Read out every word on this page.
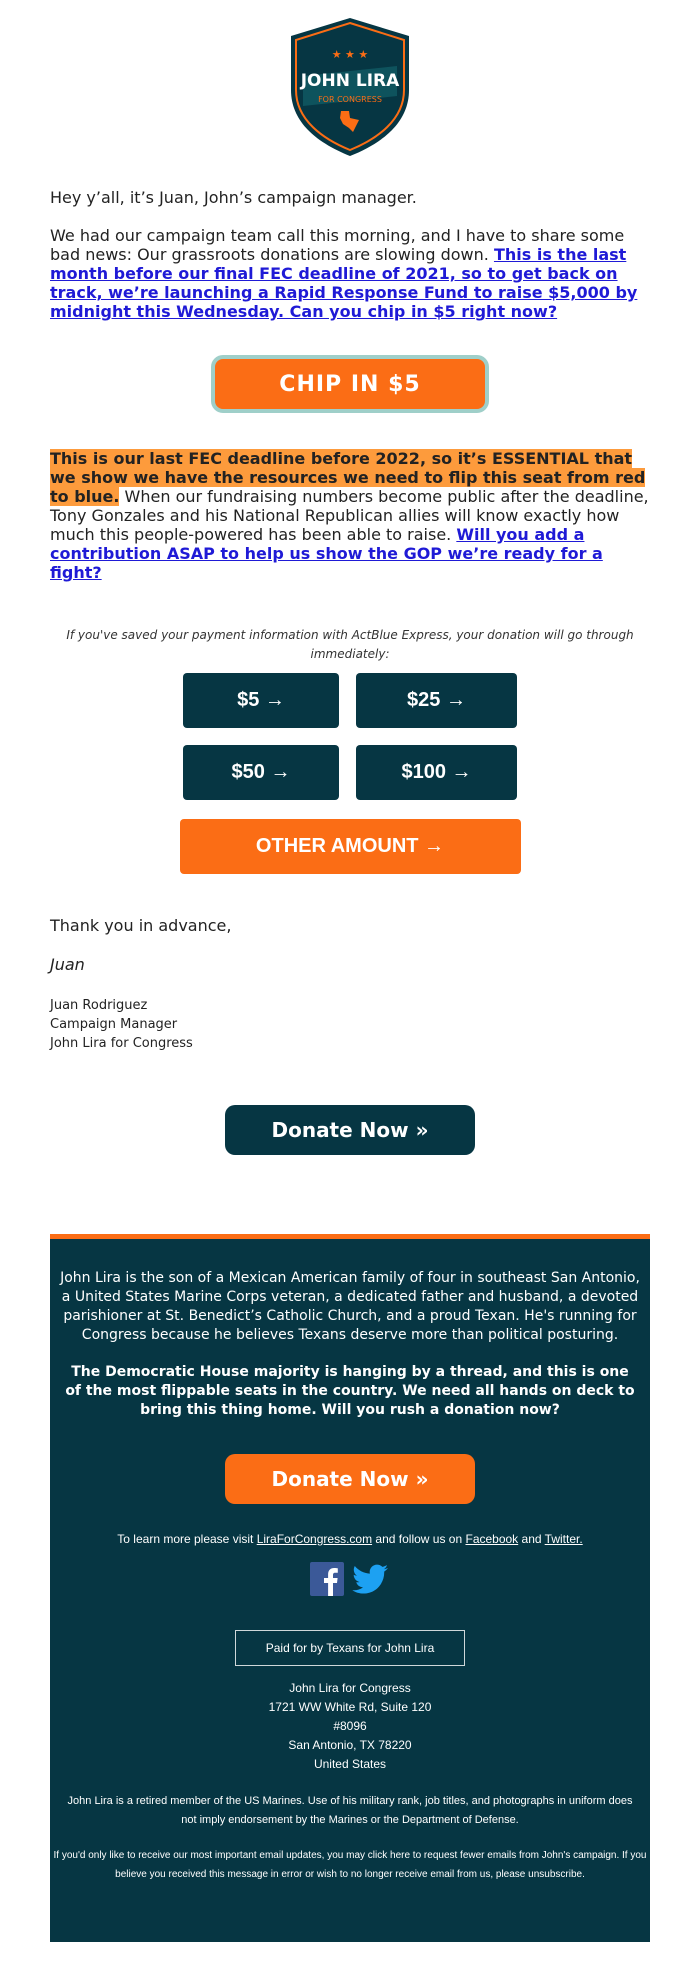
★ ★ ★
JOHN LIRA
FOR CONGRESS

Hey y’all, it’s Juan, John’s campaign manager.

We had our campaign team call this morning, and I have to share some bad news: Our grassroots donations are slowing down. This is the last month before our final FEC deadline of 2021, so to get back on track, we’re launching a Rapid Response Fund to raise $5,000 by midnight this Wednesday. Can you chip in $5 right now?

CHIP IN $5

This is our last FEC deadline before 2022, so it’s ESSENTIAL that we show we have the resources we need to flip this seat from red to blue. When our fundraising numbers become public after the deadline, Tony Gonzales and his National Republican allies will know exactly how much this people-powered has been able to raise. Will you add a contribution ASAP to help us show the GOP we’re ready for a fight?

If you've saved your payment information with ActBlue Express, your donation will go through immediately:

$5 →	$25 →
$50 →	$100 →
OTHER AMOUNT →
Thank you in advance,
Juan
Juan Rodriguez
Campaign Manager
John Lira for Congress
Donate Now »

John Lira is the son of a Mexican American family of four in southeast San Antonio, a United States Marine Corps veteran, a dedicated father and husband, a devoted parishioner at St. Benedict’s Catholic Church, and a proud Texan. He's running for Congress because he believes Texans deserve more than political posturing.

The Democratic House majority is hanging by a thread, and this is one of the most flippable seats in the country. We need all hands on deck to bring this thing home. Will you rush a donation now?

Donate Now »
To learn more please visit LiraForCongress.com and follow us on Facebook and Twitter.
Paid for by Texans for John Lira
John Lira for Congress
1721 WW White Rd, Suite 120
#8096
San Antonio, TX 78220
United States

John Lira is a retired member of the US Marines. Use of his military rank, job titles, and photographs in uniform does not imply endorsement by the Marines or the Department of Defense.

If you'd only like to receive our most important email updates, you may click here to request fewer emails from John's campaign. If you believe you received this message in error or wish to no longer receive email from us, please unsubscribe.
